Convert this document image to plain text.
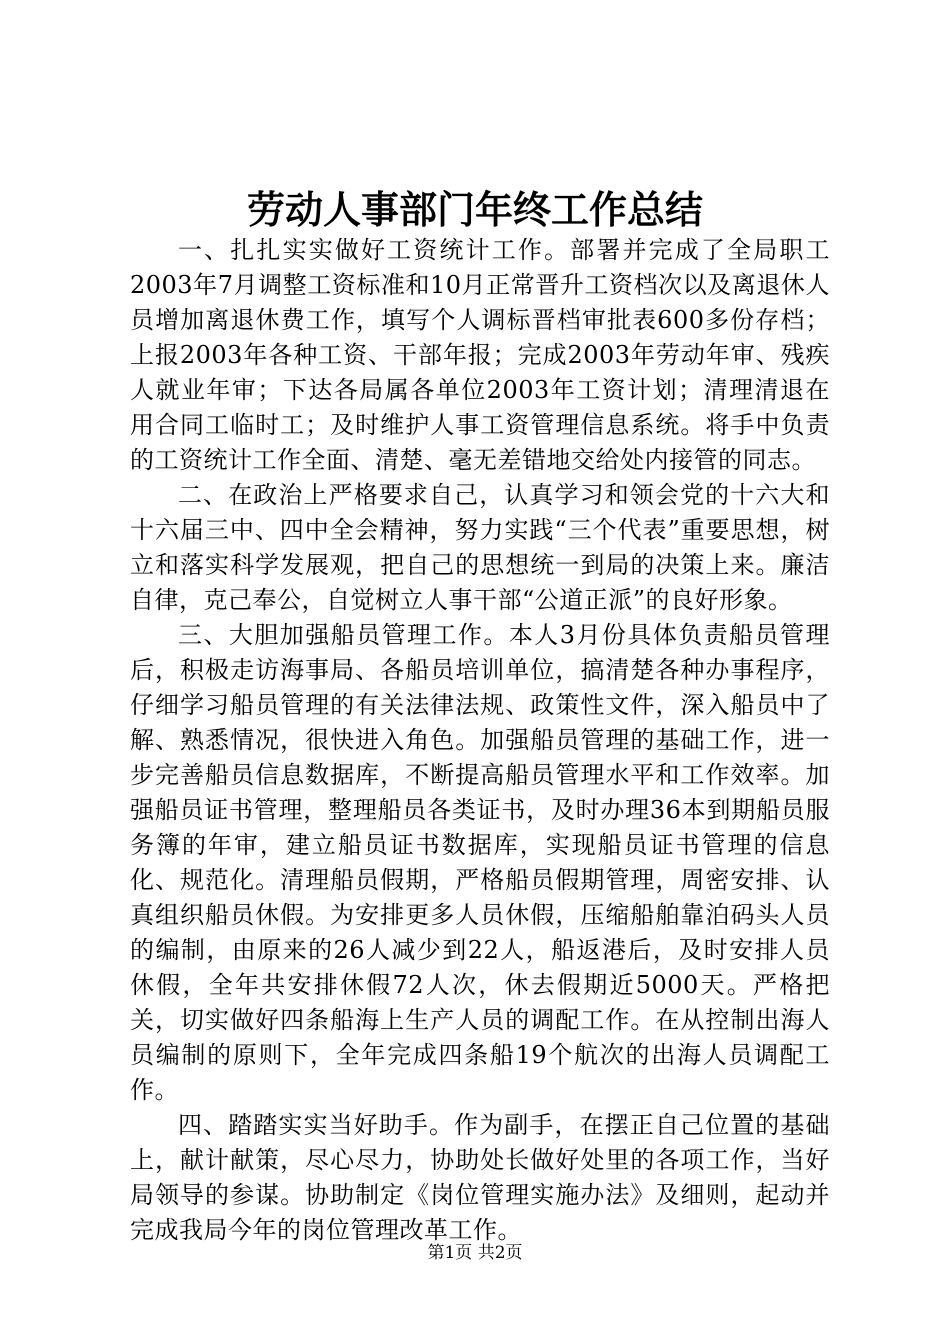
劳动人事部门年终工作总结

一、扎扎实实做好工资统计工作。部署并完成了全局职工2003年7月调整工资标准和10月正常晋升工资档次以及离退休人员增加离退休费工作，填写个人调标晋档审批表600多份存档；上报2003年各种工资、干部年报；完成2003年劳动年审、残疾人就业年审；下达各局属各单位2003年工资计划；清理清退在用合同工临时工；及时维护人事工资管理信息系统。将手中负责的工资统计工作全面、清楚、毫无差错地交给处内接管的同志。

二、在政治上严格要求自己，认真学习和领会党的十六大和十六届三中、四中全会精神，努力实践“三个代表”重要思想，树立和落实科学发展观，把自己的思想统一到局的决策上来。廉洁自律，克己奉公，自觉树立人事干部“公道正派”的良好形象。

三、大胆加强船员管理工作。本人3月份具体负责船员管理后，积极走访海事局、各船员培训单位，搞清楚各种办事程序，仔细学习船员管理的有关法律法规、政策性文件，深入船员中了解、熟悉情况，很快进入角色。加强船员管理的基础工作，进一步完善船员信息数据库，不断提高船员管理水平和工作效率。加强船员证书管理，整理船员各类证书，及时办理36本到期船员服务簿的年审，建立船员证书数据库，实现船员证书管理的信息化、规范化。清理船员假期，严格船员假期管理，周密安排、认真组织船员休假。为安排更多人员休假，压缩船舶靠泊码头人员的编制，由原来的26人减少到22人，船返港后，及时安排人员休假，全年共安排休假72人次，休去假期近5000天。严格把关，切实做好四条船海上生产人员的调配工作。在从控制出海人员编制的原则下，全年完成四条船19个航次的出海人员调配工作。

四、踏踏实实当好助手。作为副手，在摆正自己位置的基础上，献计献策，尽心尽力，协助处长做好处里的各项工作，当好局领导的参谋。协助制定《岗位管理实施办法》及细则，起动并完成我局今年的岗位管理改革工作。

第1页 共2页
